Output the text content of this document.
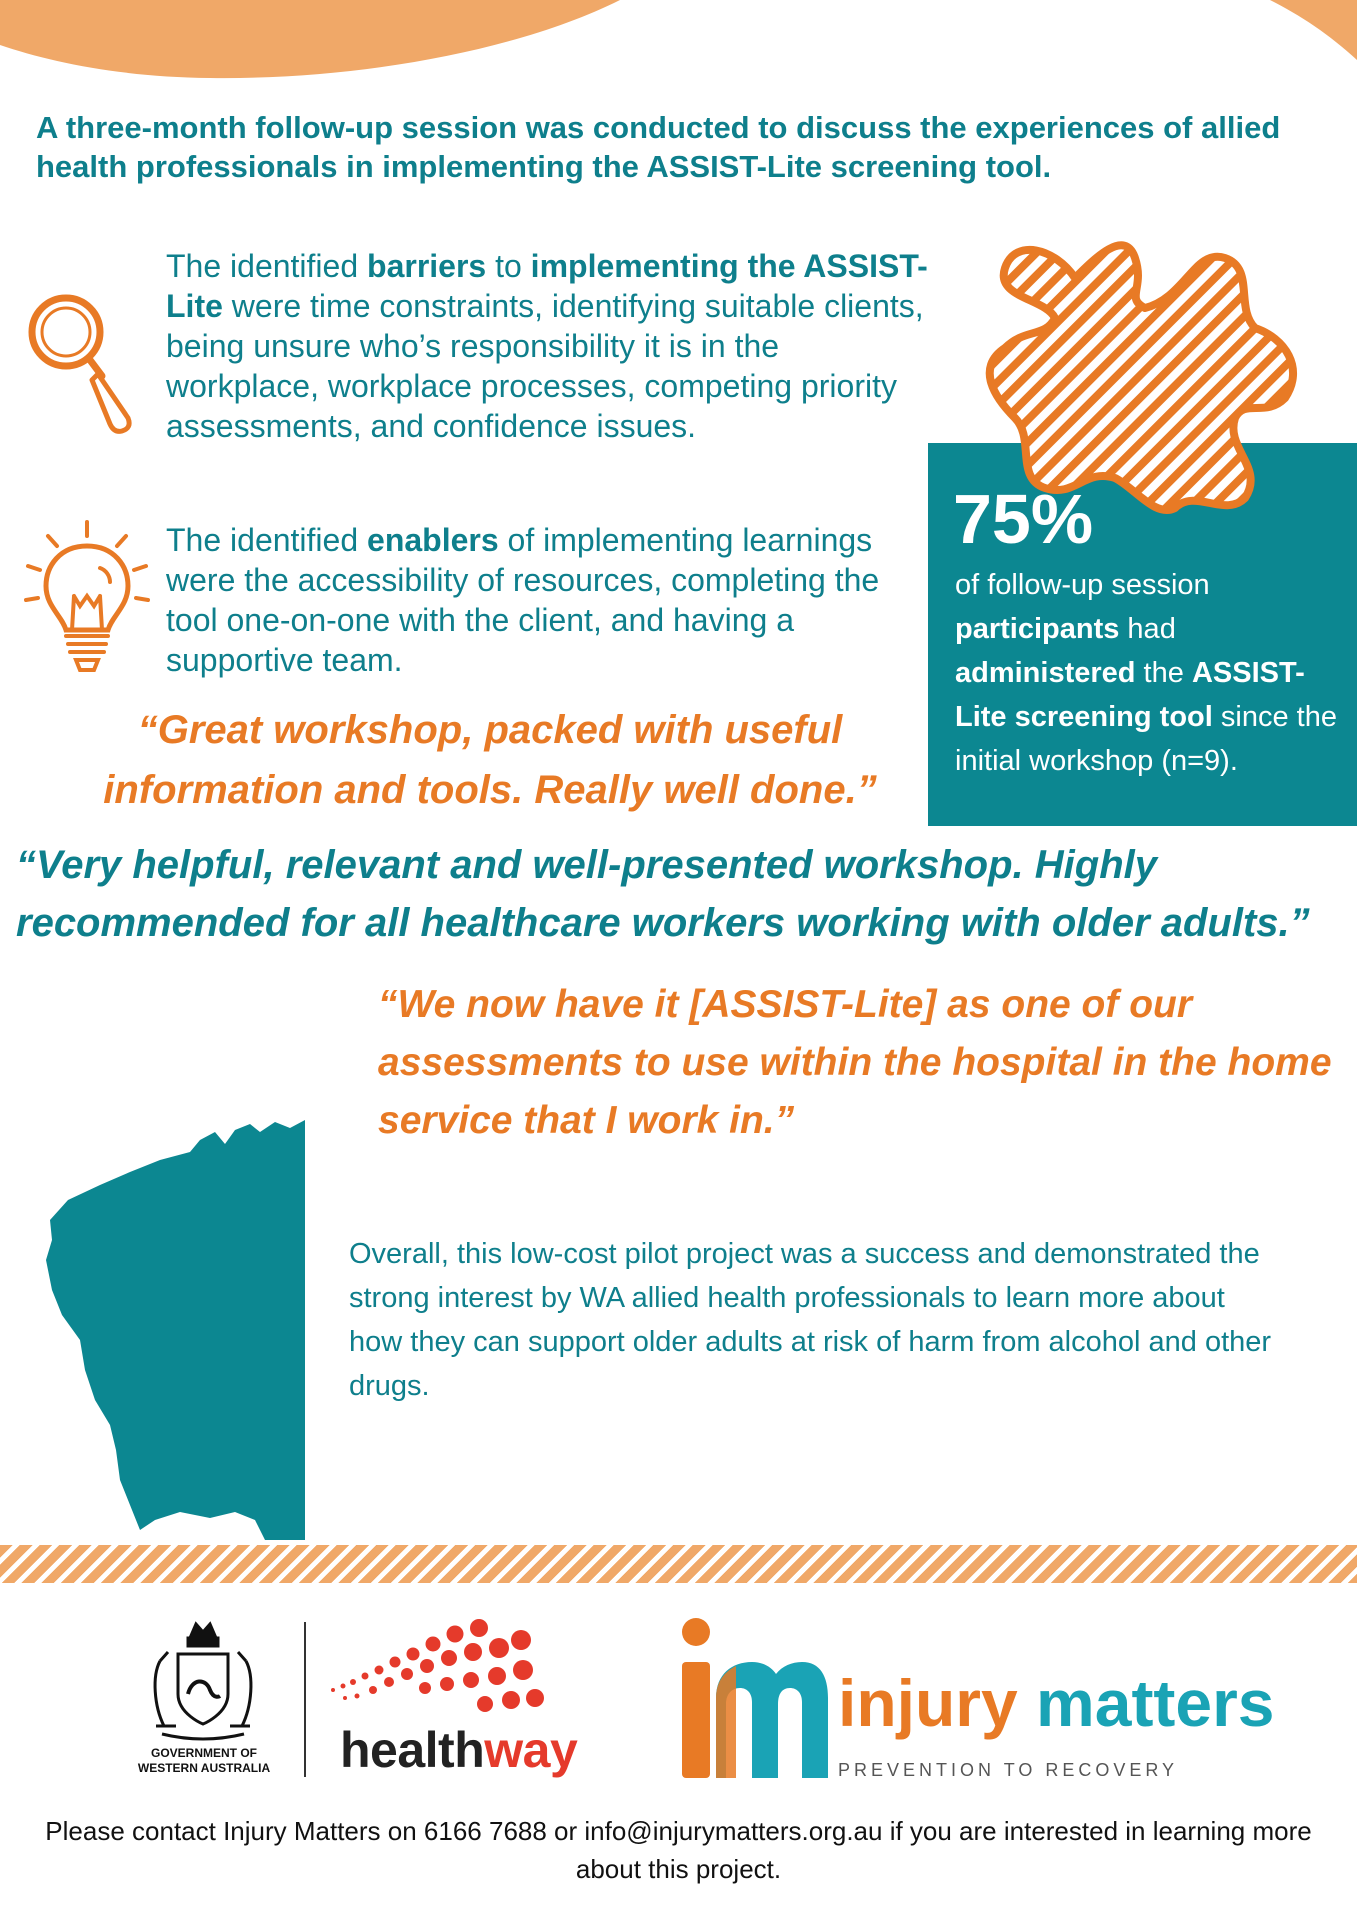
A three-month follow-up session was conducted to discuss the experiences of allied health professionals in implementing the ASSIST-Lite screening tool.
The identified barriers to implementing the ASSIST-Lite were time constraints, identifying suitable clients, being unsure who’s responsibility it is in the workplace, workplace processes, competing priority assessments, and confidence issues.
The identified enablers of implementing learnings were the accessibility of resources, completing the tool one-on-one with the client, and having a supportive team.
75%
of follow-up session participants had administered the ASSIST-Lite screening tool since the initial workshop (n=9).
“Great workshop, packed with useful information and tools. Really well done.”
“Very helpful, relevant and well-presented workshop. Highly recommended for all healthcare workers working with older adults.”
“We now have it [ASSIST-Lite] as one of our assessments to use within the hospital in the home service that I work in.”
Overall, this low-cost pilot project was a success and demonstrated the strong interest by WA allied health professionals to learn more about how they can support older adults at risk of harm from alcohol and other drugs.
GOVERNMENT OF
WESTERN AUSTRALIA	healthway
injury matters
PREVENTION TO RECOVERY
Please contact Injury Matters on 6166 7688 or info@injurymatters.org.au if you are interested in learning more about this project.
